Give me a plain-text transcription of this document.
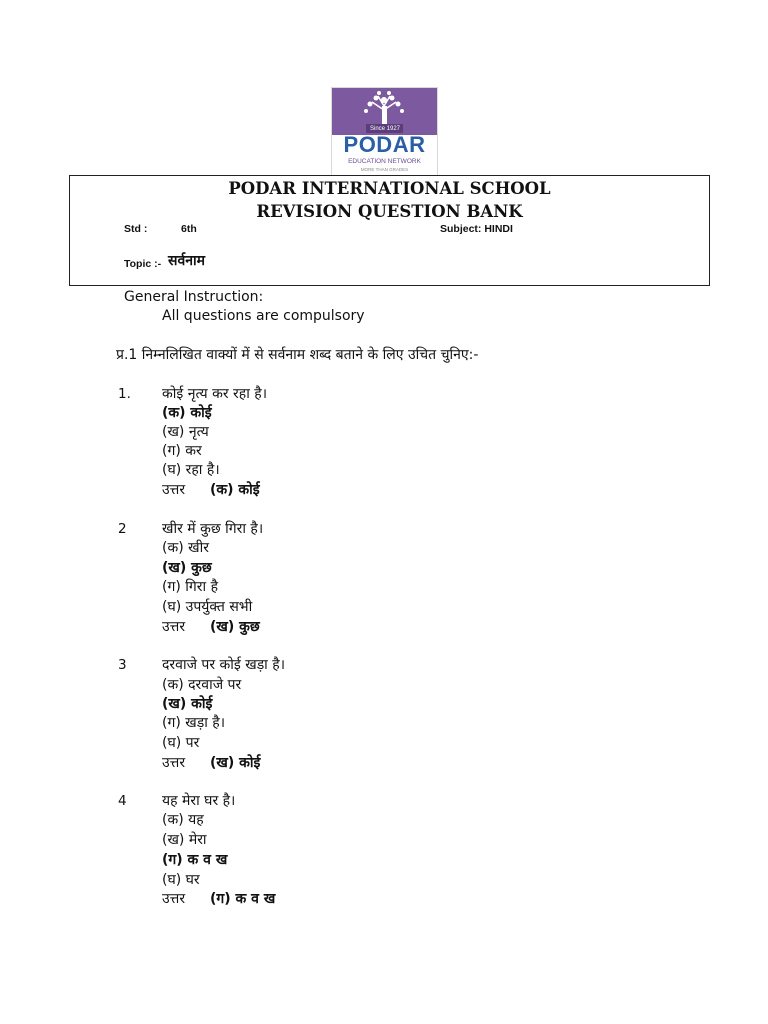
Since 1927
PODAR
EDUCATION NETWORK
MORE THAN GRADES
PODAR INTERNATIONAL SCHOOL
REVISION QUESTION BANK
Std :	6th	Subject: HINDI
Topic :- सर्वनाम
General Instruction:
All questions are compulsory
प्र.1 निम्नलिखित वाक्यों में से सर्वनाम शब्द बताने के लिए उचित चुनिए:-
1. कोई नृत्य कर रहा है।
(क) कोई
(ख) नृत्य
(ग) कर
(घ) रहा है।
उत्तर (क) कोई
2	खीर में कुछ गिरा है।
(क) खीर
(ख) कुछ
(ग) गिरा है
(घ) उपर्युक्त सभी
उत्तर (ख) कुछ
3	दरवाजे पर कोई खड़ा है।
(क) दरवाजे पर
(ख) कोई
(ग) खड़ा है।
(घ) पर
उत्तर (ख) कोई
4	यह मेरा घर है।
(क) यह
(ख) मेरा
(ग) क व ख
(घ) घर
उत्तर (ग) क व ख
